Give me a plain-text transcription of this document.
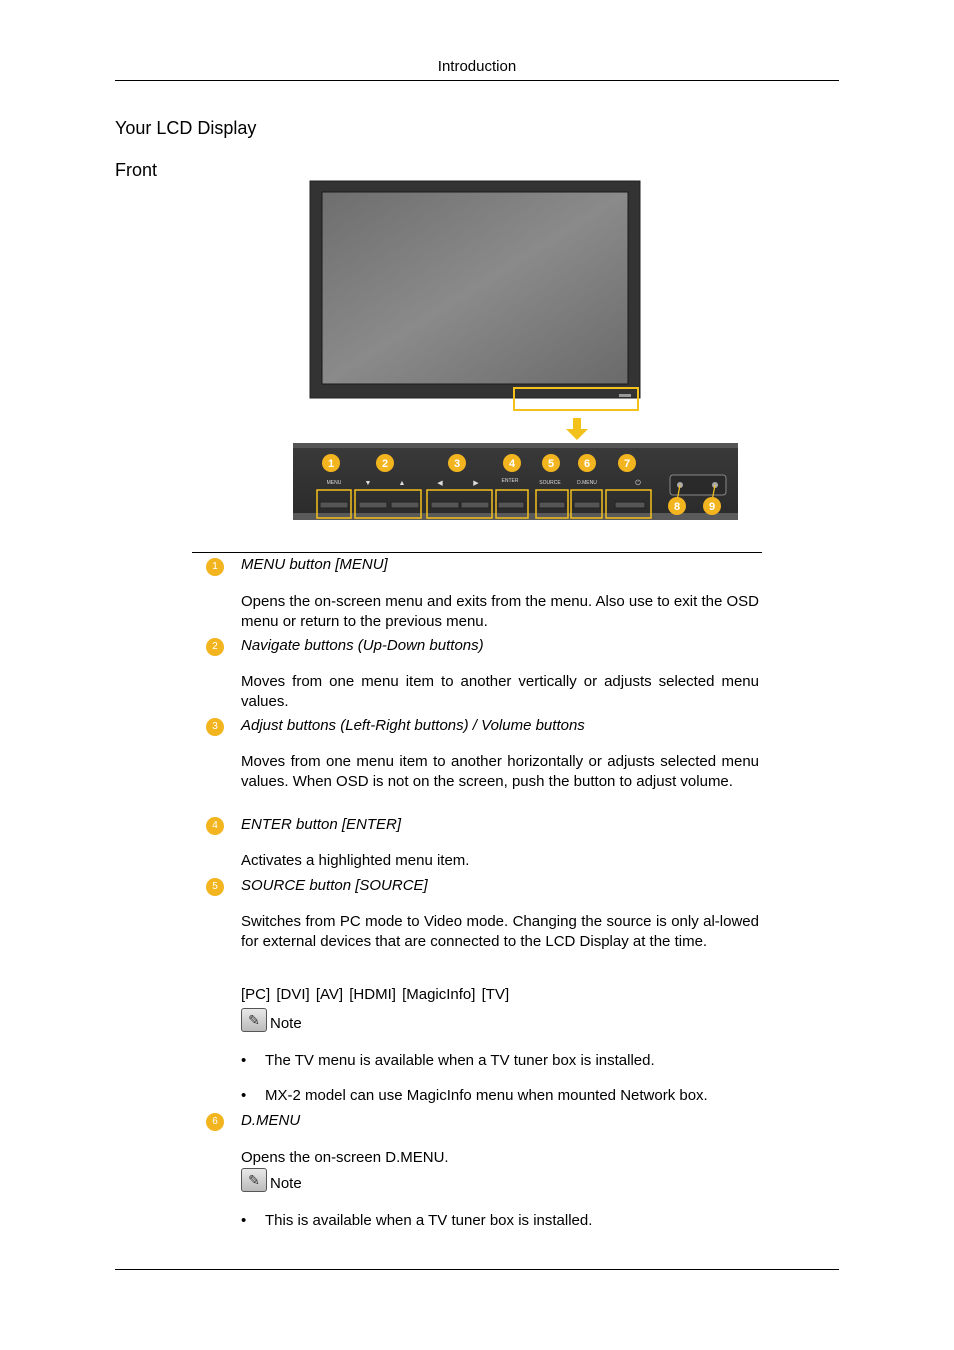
Introduction
Your LCD Display
Front
MENU	▼	▲	◀	▶	ENTER	SOURCE	D.MENU	⏻
1	2	3	4	5	6	7
8	9
1	MENU button [MENU]
Opens the on-screen menu and exits from the menu. Also use to exit the OSD menu or return to the previous menu.
2	Navigate buttons (Up-Down buttons)
Moves from one menu item to another vertically or adjusts selected menu values.
3	Adjust buttons (Left-Right buttons) / Volume buttons
Moves from one menu item to another horizontally or adjusts selected menu values. When OSD is not on the screen, push the button to adjust volume.
4	ENTER button [ENTER]
Activates a highlighted menu item.
5	SOURCE button [SOURCE]
Switches from PC mode to Video mode. Changing the source is only al-lowed for external devices that are connected to the LCD Display at the time.
[PC] [DVI] [AV] [HDMI] [MagicInfo] [TV]
✎ Note
• The TV menu is available when a TV tuner box is installed.
• MX-2 model can use MagicInfo menu when mounted Network box.
6	D.MENU
Opens the on-screen D.MENU.
✎ Note
• This is available when a TV tuner box is installed.
